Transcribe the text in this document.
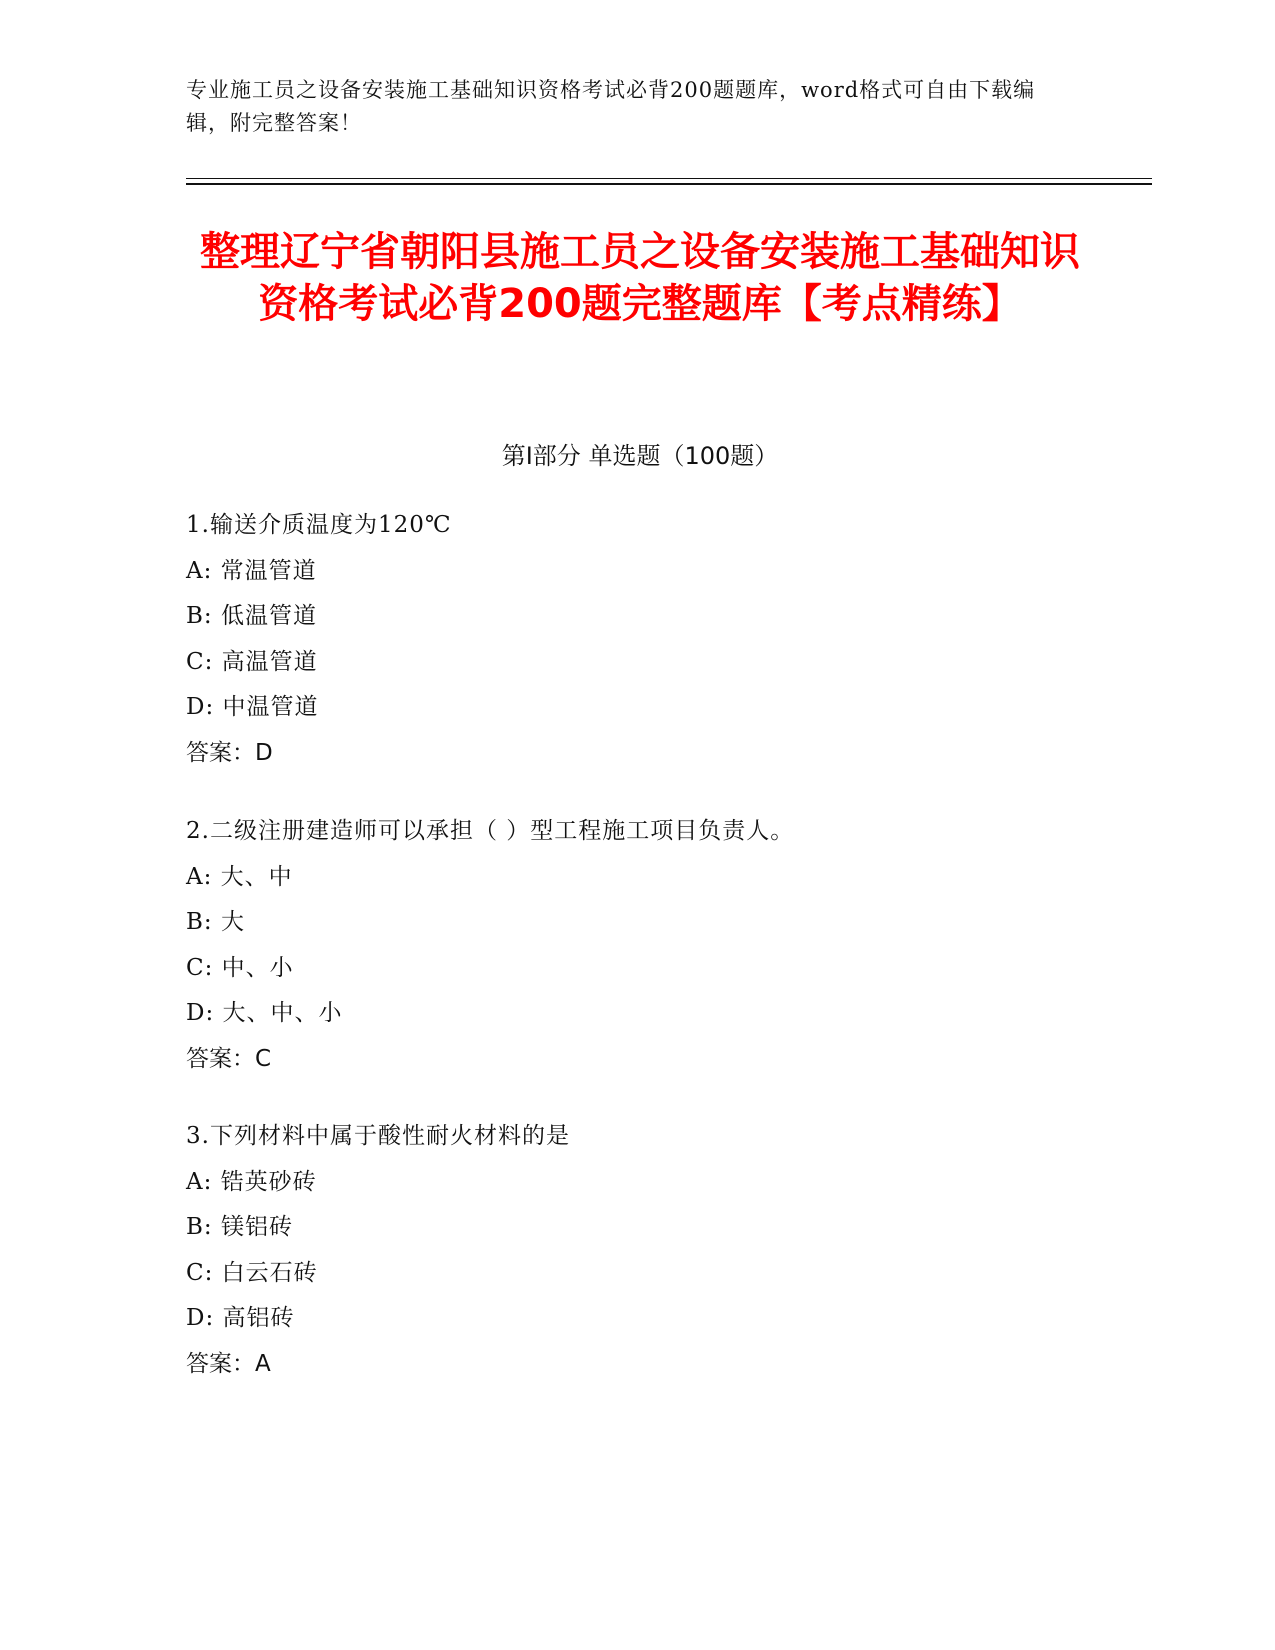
专业施工员之设备安装施工基础知识资格考试必背200题题库，word格式可自由下载编辑，附完整答案！
整理辽宁省朝阳县施工员之设备安装施工基础知识资格考试必背200题完整题库【考点精练】
第I部分 单选题（100题）
1.输送介质温度为120℃
A: 常温管道
B: 低温管道
C: 高温管道
D: 中温管道
答案：D
2.二级注册建造师可以承担（ ）型工程施工项目负责人。
A: 大、中
B: 大
C: 中、小
D: 大、中、小
答案：C
3.下列材料中属于酸性耐火材料的是
A: 锆英砂砖
B: 镁铝砖
C: 白云石砖
D: 高铝砖
答案：A
